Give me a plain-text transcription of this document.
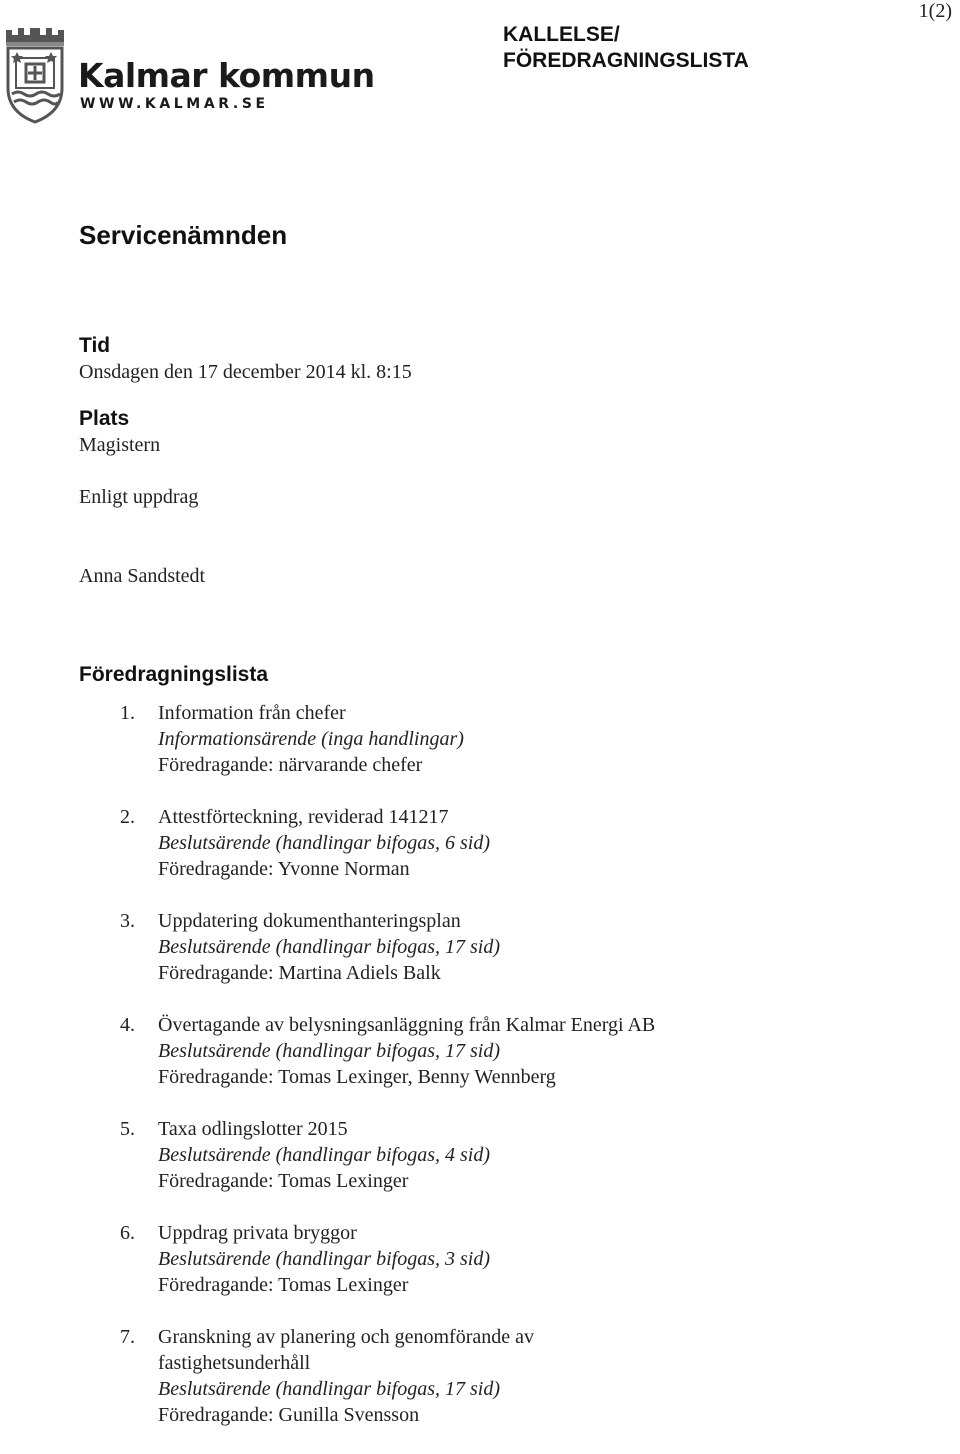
1(2)
Kalmar kommun
WWW.KALMAR.SE
KALLELSE/
FÖREDRAGNINGSLISTA
Servicenämnden
Tid
Onsdagen den 17 december 2014 kl. 8:15
Plats
Magistern
Enligt uppdrag
Anna Sandstedt
Föredragningslista
1. Information från chefer
Informationsärende (inga handlingar)
Föredragande: närvarande chefer
2. Attestförteckning, reviderad 141217
Beslutsärende (handlingar bifogas, 6 sid)
Föredragande: Yvonne Norman
3. Uppdatering dokumenthanteringsplan
Beslutsärende (handlingar bifogas, 17 sid)
Föredragande: Martina Adiels Balk
4. Övertagande av belysningsanläggning från Kalmar Energi AB
Beslutsärende (handlingar bifogas, 17 sid)
Föredragande: Tomas Lexinger, Benny Wennberg
5. Taxa odlingslotter 2015
Beslutsärende (handlingar bifogas, 4 sid)
Föredragande: Tomas Lexinger
6. Uppdrag privata bryggor
Beslutsärende (handlingar bifogas, 3 sid)
Föredragande: Tomas Lexinger
7. Granskning av planering och genomförande av
fastighetsunderhåll
Beslutsärende (handlingar bifogas, 17 sid)
Föredragande: Gunilla Svensson
